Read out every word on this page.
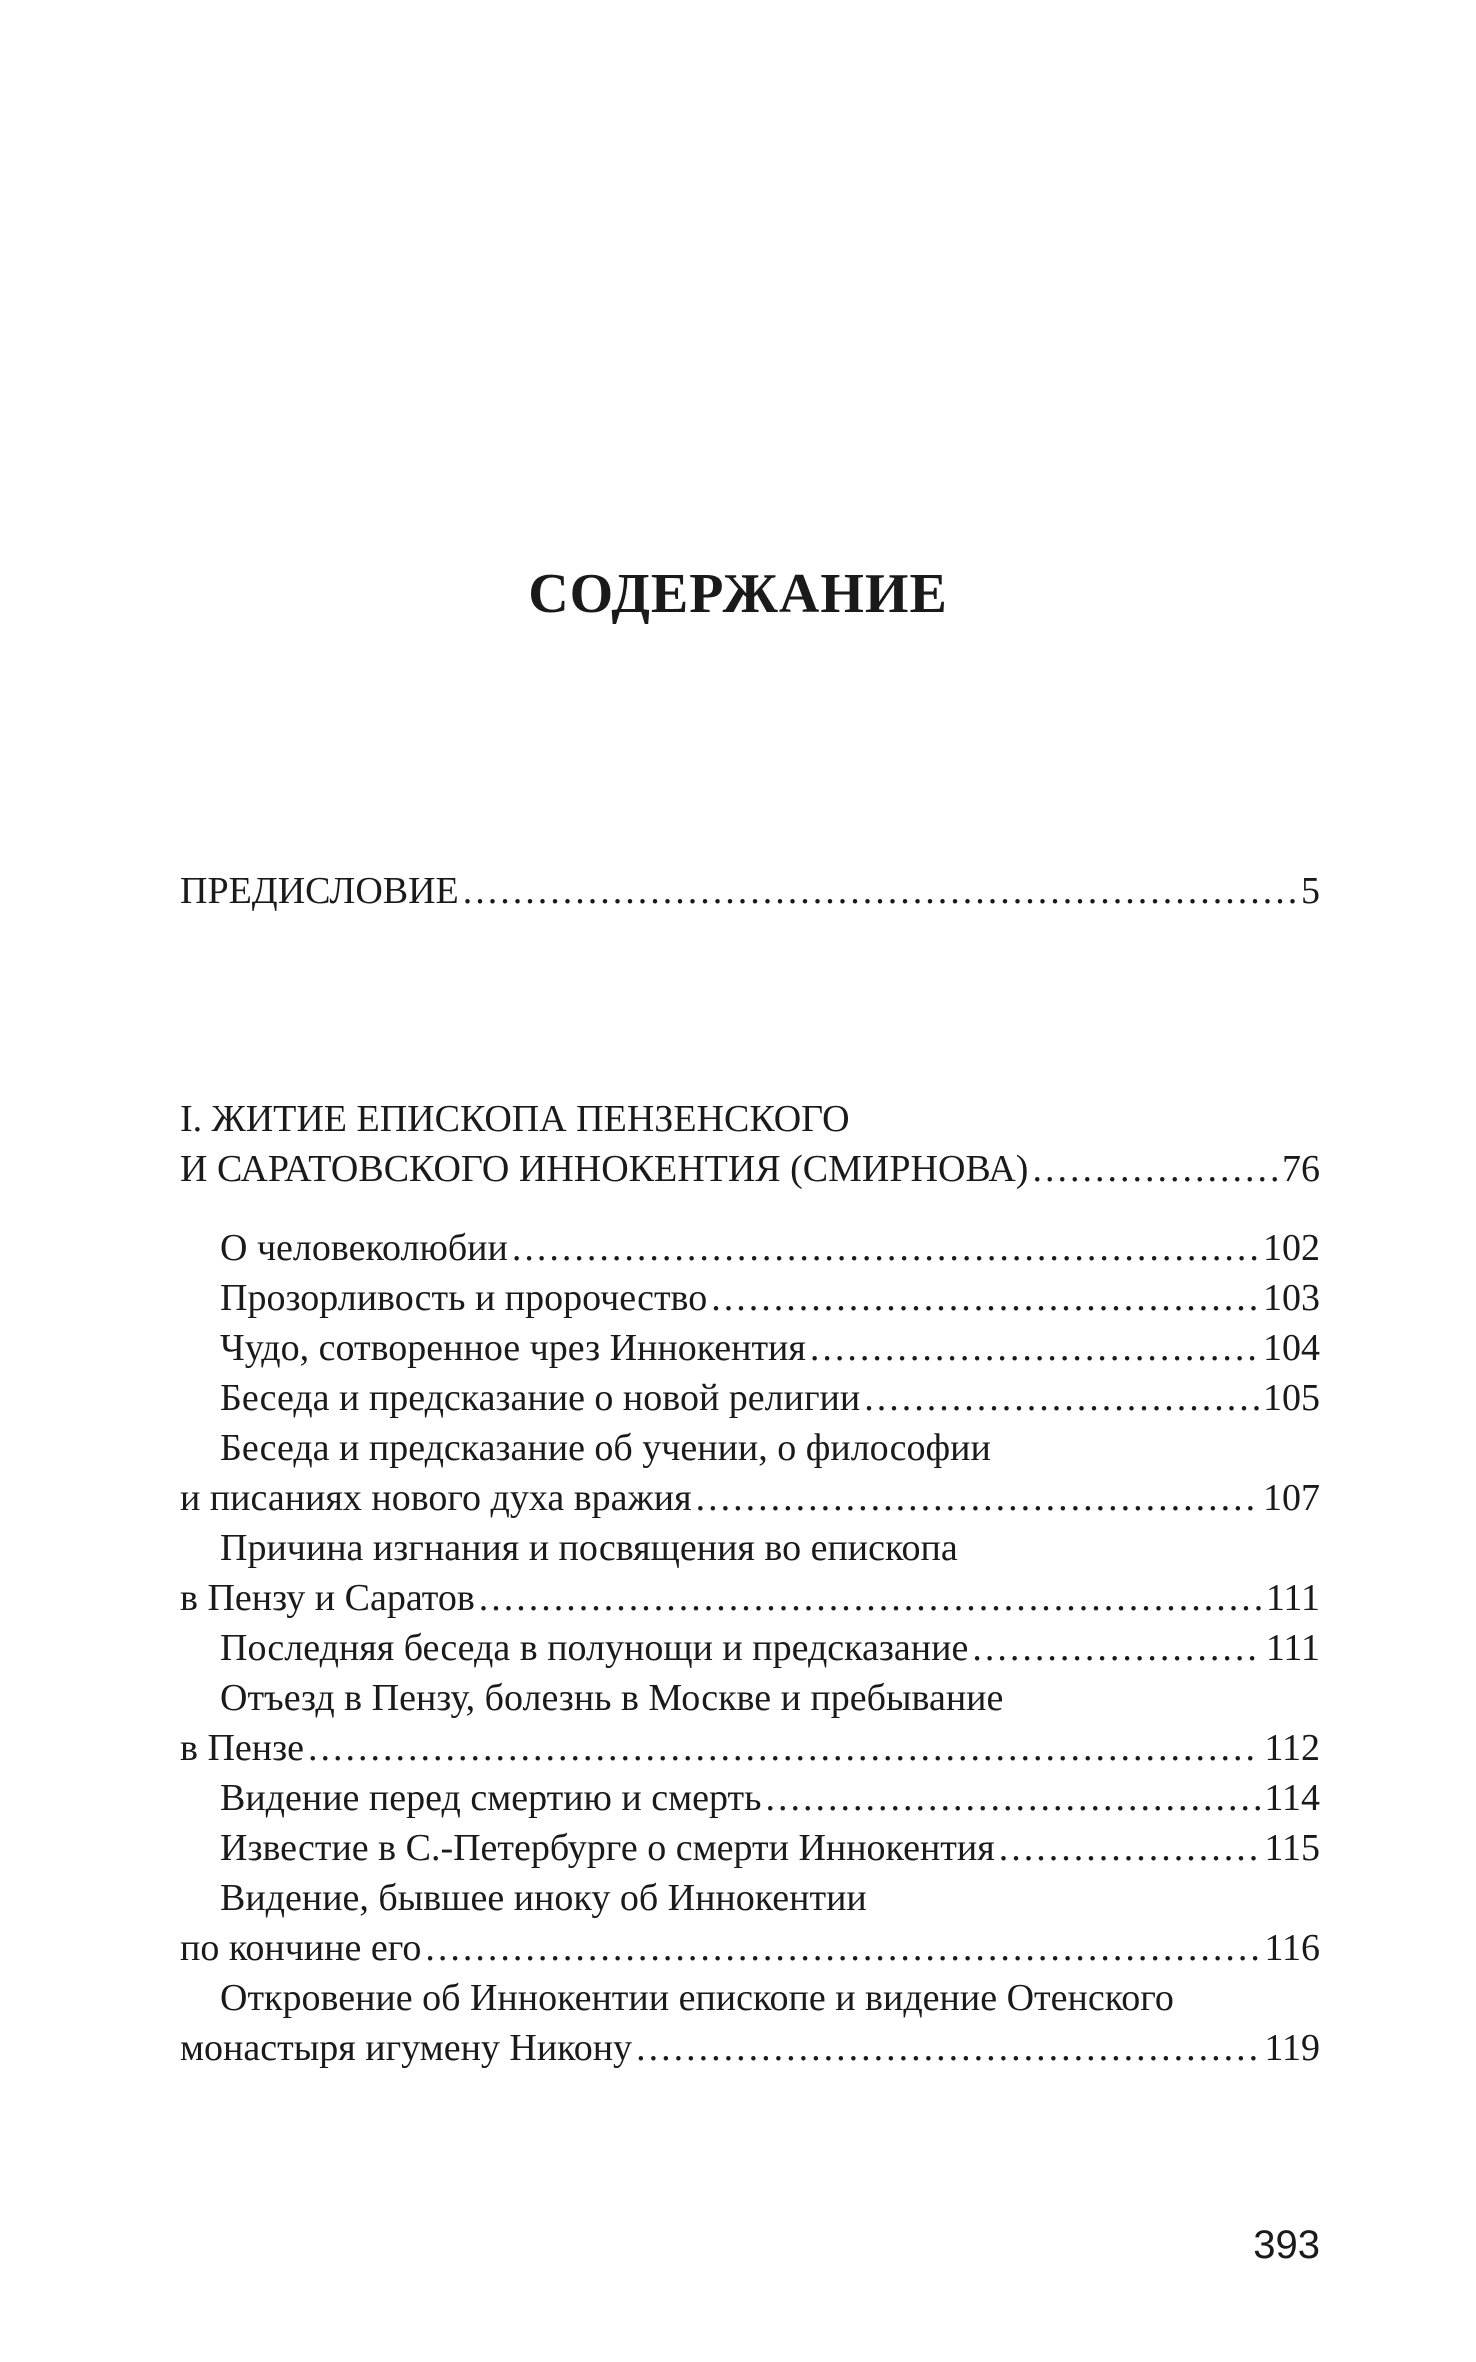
СОДЕРЖАНИЕ
ПРЕДИСЛОВИЕ .....	5
I. ЖИТИЕ ЕПИСКОПА ПЕНЗЕНСКОГО
И САРАТОВСКОГО ИННОКЕНТИЯ (СМИРНОВА) .....	76
О человеколюбии .....	102
Прозорливость и пророчество .....	103
Чудо, сотворенное чрез Иннокентия .....	104
Беседа и предсказание о новой религии .....	105
Беседа и предсказание об учении, о философии
и писаниях нового духа вражия .....	107
Причина изгнания и посвящения во епископа
в Пензу и Саратов .....	111
Последняя беседа в полунощи и предсказание .....	111
Отъезд в Пензу, болезнь в Москве и пребывание
в Пензе .....	112
Видение перед смертию и смерть .....	114
Известие в С.-Петербурге о смерти Иннокентия .....	115
Видение, бывшее иноку об Иннокентии
по кончине его .....	116
Откровение об Иннокентии епископе и видение Отенского
монастыря игумену Никону .....	119
393
